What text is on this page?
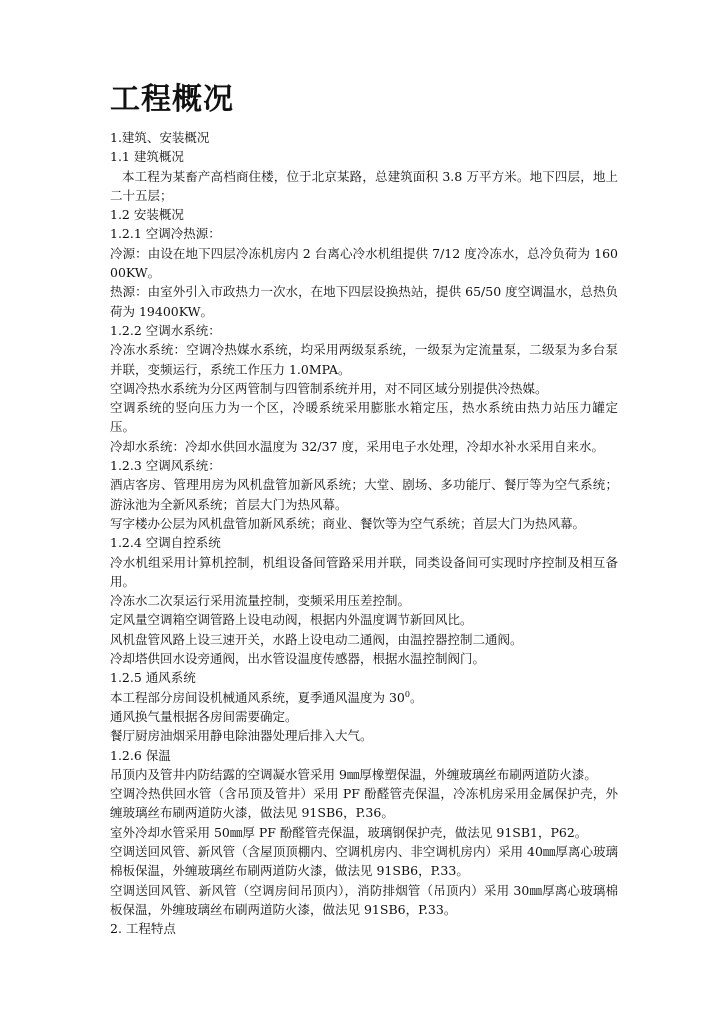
工程概况

1.建筑、安装概况

1.1 建筑概况

本工程为某畜产高档商住楼，位于北京某路，总建筑面积 3.8 万平方米。地下四层，地上二十五层；

1.2 安装概况

1.2.1 空调冷热源：

冷源：由设在地下四层冷冻机房内 2 台离心冷水机组提供 7/12 度冷冻水，总冷负荷为 16000KW。

热源：由室外引入市政热力一次水，在地下四层设换热站，提供 65/50 度空调温水，总热负荷为 19400KW。

1.2.2 空调水系统：

冷冻水系统：空调冷热媒水系统，均采用两级泵系统，一级泵为定流量泵，二级泵为多台泵并联，变频运行，系统工作压力 1.0MPA。

空调冷热水系统为分区两管制与四管制系统并用，对不同区域分别提供冷热媒。

空调系统的竖向压力为一个区，冷暖系统采用膨胀水箱定压，热水系统由热力站压力罐定压。

冷却水系统：冷却水供回水温度为 32/37 度，采用电子水处理，冷却水补水采用自来水。

1.2.3 空调风系统：

酒店客房、管理用房为风机盘管加新风系统；大堂、剧场、多功能厅、餐厅等为空气系统；游泳池为全新风系统；首层大门为热风幕。

写字楼办公层为风机盘管加新风系统；商业、餐饮等为空气系统；首层大门为热风幕。

1.2.4 空调自控系统

冷水机组采用计算机控制，机组设备间管路采用并联，同类设备间可实现时序控制及相互备用。

冷冻水二次泵运行采用流量控制，变频采用压差控制。

定风量空调箱空调管路上设电动阀，根据内外温度调节新回风比。

风机盘管风路上设三速开关，水路上设电动二通阀，由温控器控制二通阀。

冷却塔供回水设旁通阀，出水管设温度传感器，根据水温控制阀门。

1.2.5 通风系统

本工程部分房间设机械通风系统，夏季通风温度为 $30^0$。

通风换气量根据各房间需要确定。

餐厅厨房油烟采用静电除油器处理后排入大气。

1.2.6 保温

吊顶内及管井内防结露的空调凝水管采用 9㎜厚橡塑保温，外缠玻璃丝布刷两道防火漆。

空调冷热供回水管（含吊顶及管井）采用 PF 酚醛管壳保温，冷冻机房采用金属保护壳，外缠玻璃丝布刷两道防火漆，做法见 91SB6，P.36。

室外冷却水管采用 50㎜厚 PF 酚醛管壳保温，玻璃钢保护壳，做法见 91SB1，P62。

空调送回风管、新风管（含屋顶顶棚内、空调机房内、非空调机房内）采用 40㎜厚离心玻璃棉板保温，外缠玻璃丝布刷两道防火漆，做法见 91SB6，P.33。

空调送回风管、新风管（空调房间吊顶内），消防排烟管（吊顶内）采用 30㎜厚离心玻璃棉板保温，外缠玻璃丝布刷两道防火漆，做法见 91SB6，P.33。

2. 工程特点
